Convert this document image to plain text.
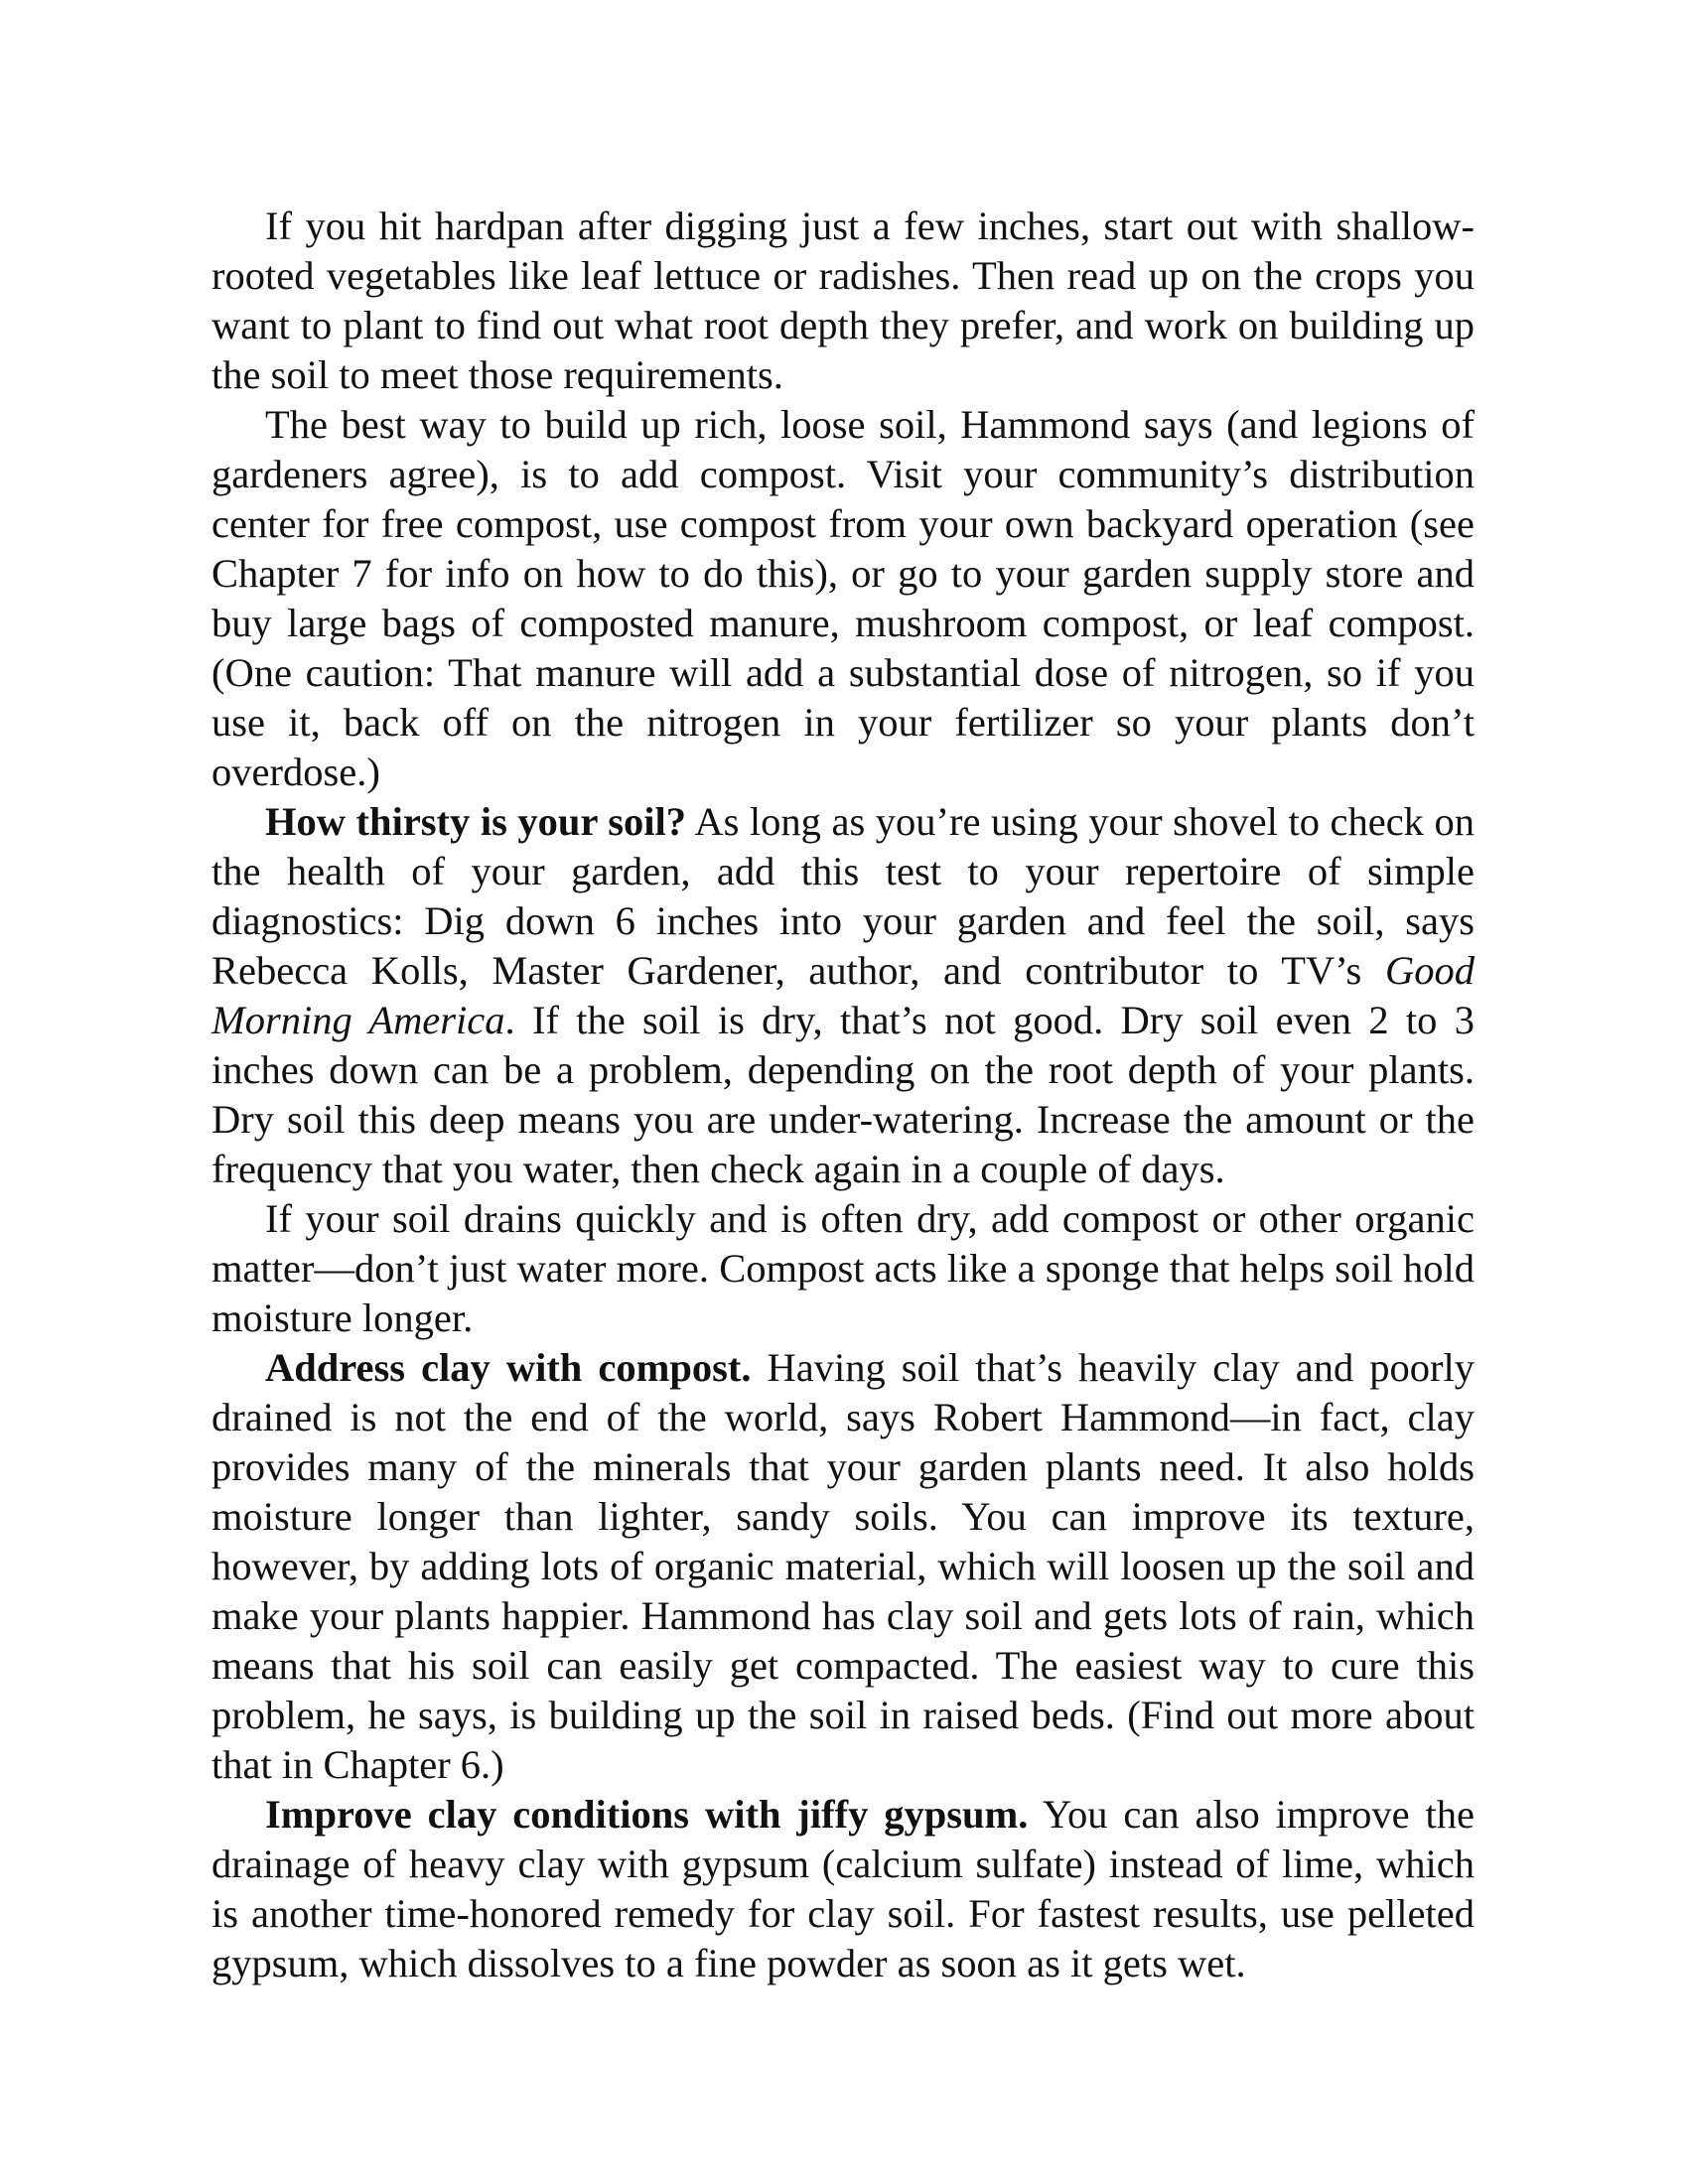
If you hit hardpan after digging just a few inches, start out with shallow-rooted vegetables like leaf lettuce or radishes. Then read up on the crops you want to plant to find out what root depth they prefer, and work on building up the soil to meet those requirements.

The best way to build up rich, loose soil, Hammond says (and legions of gardeners agree), is to add compost. Visit your community’s distribution center for free compost, use compost from your own backyard operation (see Chapter 7 for info on how to do this), or go to your garden supply store and buy large bags of composted manure, mushroom compost, or leaf compost. (One caution: That manure will add a substantial dose of nitrogen, so if you use it, back off on the nitrogen in your fertilizer so your plants don’t overdose.)

How thirsty is your soil? As long as you’re using your shovel to check on the health of your garden, add this test to your repertoire of simple diagnostics: Dig down 6 inches into your garden and feel the soil, says Rebecca Kolls, Master Gardener, author, and contributor to TV’s Good Morning America. If the soil is dry, that’s not good. Dry soil even 2 to 3 inches down can be a problem, depending on the root depth of your plants. Dry soil this deep means you are under-watering. Increase the amount or the frequency that you water, then check again in a couple of days.

If your soil drains quickly and is often dry, add compost or other organic matter—don’t just water more. Compost acts like a sponge that helps soil hold moisture longer.

Address clay with compost. Having soil that’s heavily clay and poorly drained is not the end of the world, says Robert Hammond—in fact, clay provides many of the minerals that your garden plants need. It also holds moisture longer than lighter, sandy soils. You can improve its texture, however, by adding lots of organic material, which will loosen up the soil and make your plants happier. Hammond has clay soil and gets lots of rain, which means that his soil can easily get compacted. The easiest way to cure this problem, he says, is building up the soil in raised beds. (Find out more about that in Chapter 6.)

Improve clay conditions with jiffy gypsum. You can also improve the drainage of heavy clay with gypsum (calcium sulfate) instead of lime, which is another time-honored remedy for clay soil. For fastest results, use pelleted gypsum, which dissolves to a fine powder as soon as it gets wet.
